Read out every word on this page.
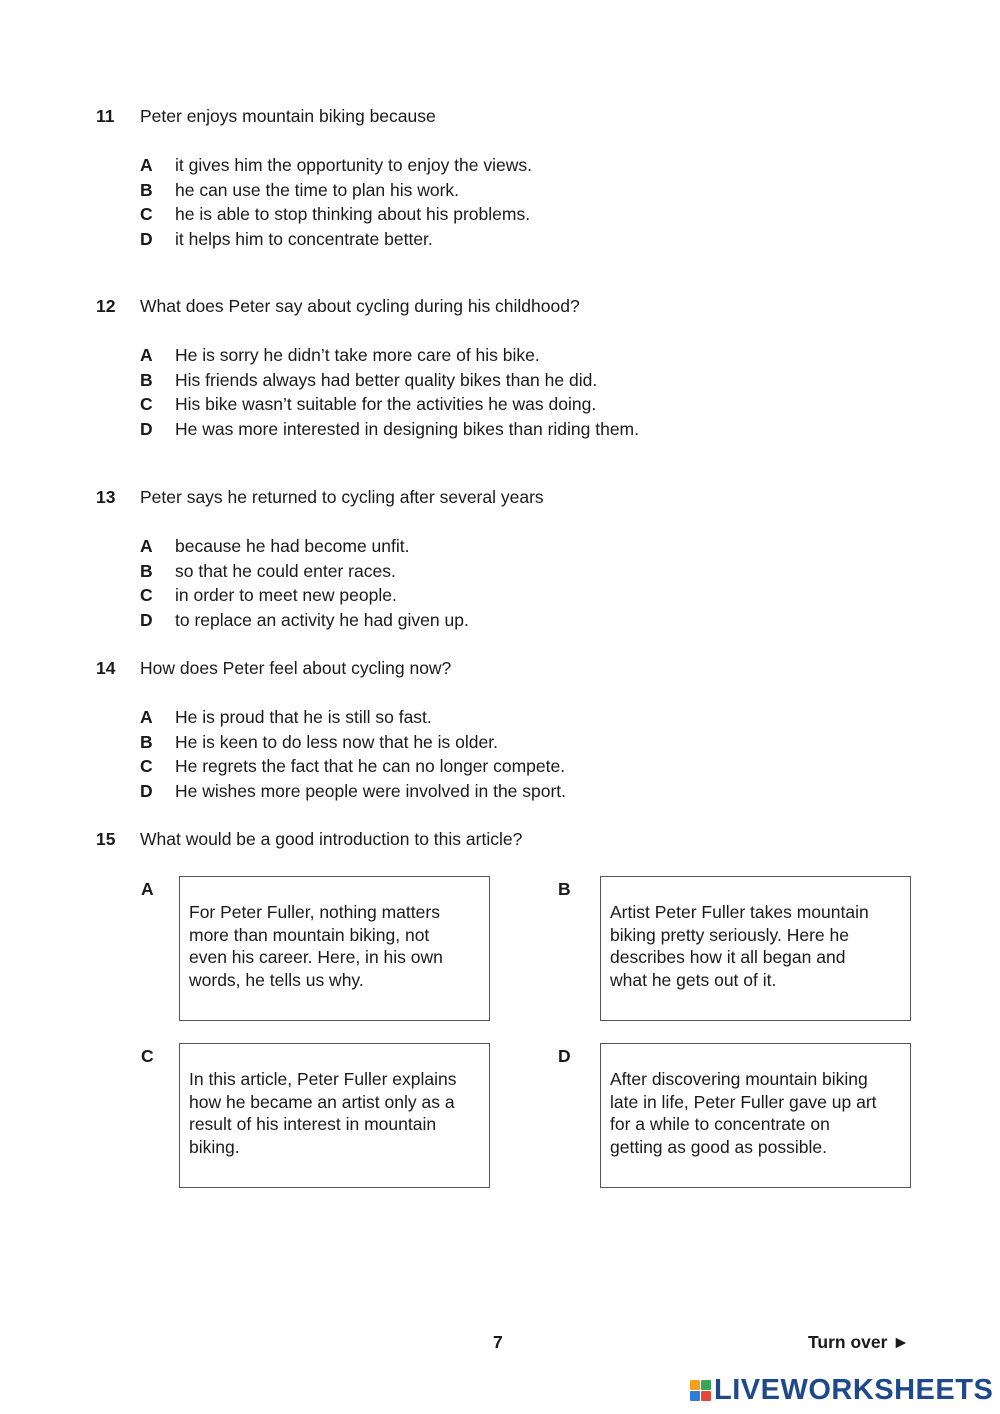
11 Peter enjoys mountain biking because
A it gives him the opportunity to enjoy the views.
B he can use the time to plan his work.
C he is able to stop thinking about his problems.
D it helps him to concentrate better.
12 What does Peter say about cycling during his childhood?
A He is sorry he didn’t take more care of his bike.
B His friends always had better quality bikes than he did.
C His bike wasn’t suitable for the activities he was doing.
D He was more interested in designing bikes than riding them.
13 Peter says he returned to cycling after several years
A because he had become unfit.
B so that he could enter races.
C in order to meet new people.
D to replace an activity he had given up.
14 How does Peter feel about cycling now?
A He is proud that he is still so fast.
B He is keen to do less now that he is older.
C He regrets the fact that he can no longer compete.
D He wishes more people were involved in the sport.
15 What would be a good introduction to this article?
A
For Peter Fuller, nothing matters
more than mountain biking, not
even his career. Here, in his own
words, he tells us why.
B
Artist Peter Fuller takes mountain
biking pretty seriously. Here he
describes how it all began and
what he gets out of it.
C
In this article, Peter Fuller explains
how he became an artist only as a
result of his interest in mountain
biking.
D
After discovering mountain biking
late in life, Peter Fuller gave up art
for a while to concentrate on
getting as good as possible.
7	Turn over ►
LIVEWORKSHEETS
